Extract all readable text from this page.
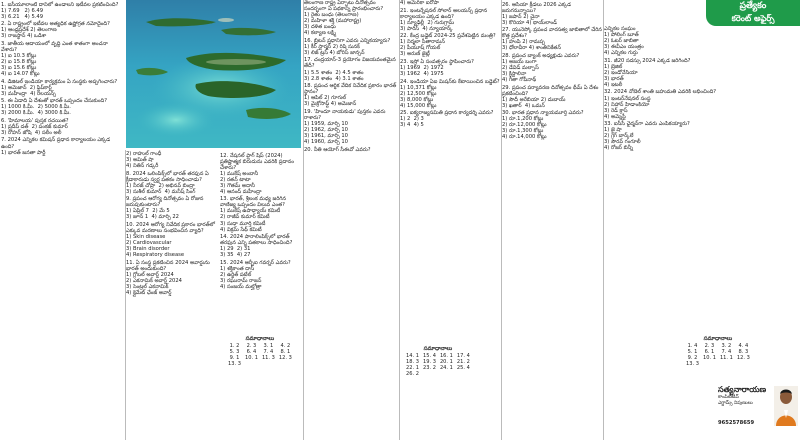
1. ఐసీయూలాంటి దానిలో ఉండాలని ఇటీవల ప్రకటించింది?

1) 7.69   2) 6.49

3) 6.21   4) 5.49

2. ఏ రాష్ట్రంలో ఇటీవల అత్యధిక ఉష్ణోగ్రత నమోదైంది?

1) ఆంధ్రప్రదేశ్ 2) తెలంగాణ

3) రాజస్థాన్ 4) ఒడిశా

3. జాతీయ ఆదాయంలో వృద్ధి ఎంత శాతంగా అంచనా వేశారు?

1) ఐ 10.3 కోట్లు

2) ఐ 15.8 కోట్లు

3) ఐ 15.6 కోట్లు

4) ఐ 14.07 కోట్లు

4. డిజిటల్ ఇండియా కార్యక్రమం ఏ సంస్థకు అప్పగించారు?

1) అమెజాన్  2) ఫ్లిప్‌కార్ట్

3) మహీంద్రా  4) రిలయన్స్

5. ఈ ఏడాది ఏ దేశంతో భారత్ ఒప్పందం చేసుకుంది?

1) 1000 కి.మీ.  2) 5000 కి.మీ.

3) 2000 కి.మీ.  4) 3000 కి.మీ.

6. 'హిమాలయ' పుస్తక రచయిత?

1) ప్రదీప్ దత్  2) పంకజ్ కుమార్

3) రోహన్ జోషి  4) సలీం అలీ

7. 2024 ఎన్నికల కమిషన్ ప్రధాన కార్యాలయం ఎక్కడ ఉంది?

1) భారత్ జనతా పార్టీ	2) రాహుల్ గాంధీ

3) అమిత్ షా

4) నితిన్ గడ్కరీ

8. 2024 ఒలింపిక్స్‌లో భారత్ తరఫున ఏ క్రీడాకారుడు స్వర్ణ పతకం సాధించాడు?

1) నీరజ్ చోప్రా  2) అభినవ్ బింద్రా

3) సుశీల్ కుమార్  4) మనీష్ సింగ్

9. ప్రపంచ ఆరోగ్య దినోత్సవం ఏ రోజున జరుపుకుంటారు?

1) ఏప్రిల్ 7  2) మే 5

3) జూన్ 1  4) మార్చి 22

10. 2024 ఆరోగ్య నివేదిక ప్రకారం భారత్‌లో ఎక్కువ మరణాలు సంభవించిన వ్యాధి?

1) Skin disease

2) Cardiovascular

3) Brain disorder

4) Respiratory disease

11. ఏ సంస్థ ప్రకటించిన 2024 అవార్డును భారత్‌ అందుకుంది?

1) గ్లోబల్ అవార్డ్ 2024

2) ఎకనామిక్ అవార్డ్ 2024

3) సెంట్రల్ ఎకనామిక్

4) క్లైమేట్ ఛేంజ్ అవార్డ్

12. నేషనల్ ఫ్లాగ్ షిప్ (2024) ప్రతిష్టాత్మక బిరుదును ఎవరికి ప్రదానం చేశారు?

1) ముకేష్ అంబానీ

2) రతన్ టాటా

3) గౌతమ్ అదానీ

4) ఆనంద్ మహీంద్రా

13. భారత్, శ్రీలంక మధ్య జరిగిన వాణిజ్య ఒప్పందం విలువ ఎంత?

1) ముకేష్ ఉపాధ్యాయ్ కమిటీ

2) రాజీవ్ కుమార్ కమిటీ

3) సుధా మూర్తి కమిటీ

4) విక్రమ్ సేథ్ కమిటీ

14. 2024 పారాలింపిక్స్‌లో భారత్ తరఫున ఎన్ని పతకాలు సాధించింది?

1) 29  2) 31

3) 35  4) 27

15. 2024 ఆర్బీఐ గవర్నర్ ఎవరు?

1) శక్తికాంత దాస్

2) ఉర్జిత్ పటేల్

3) రఘురామ్ రాజన్

4) సంజయ్ మల్హోత్రా

తెలంగాణ రాష్ట్ర ఏర్పాటు దినోత్సవం సందర్భంగా ఏ పథకాన్ని ప్రారంభించారు?

1) రైతు బంధు (తెలంగాణ)

2) మహిళా శక్తి (మహారాష్ట్ర)

3) దళిత బంధు

4) కల్యాణ లక్ష్మి

16. బ్రిటన్‌ ప్రధానిగా ఎవరు ఎన్నికయ్యారు?

1) కీర్ స్టార్మర్ 2) రిషి సునక్

3) లిజ్ ట్రస్ 4) బోరిస్ జాన్సన్

17. చంద్రయాన్-3 ప్రయోగం విజయవంతమైన తేదీ?

1) 5.5 శాతం  2) 4.5 శాతం

3) 2.8 శాతం  4) 3.1 శాతం

18. ప్రపంచ ఆర్థిక వేదిక నివేదిక ప్రకారం భారత్ స్థానం?

1) ఆపిల్ 2) గూగుల్

3) మైక్రోసాఫ్ట్ 4) అమెజాన్

19. 'హిందూ నాయకుడు' పుస్తకం ఎవరు రాశారు?

1) 1959, మార్చి 10

2) 1962, మార్చి 10

3) 1961, మార్చి 10

4) 1960, మార్చి 10

20. నీతి ఆయోగ్ సీఈవో ఎవరు?

4) అమెరికా ఐరోపా

21. ఇంటర్నేషనల్ సోలార్ అలయన్స్ ప్రధాన కార్యాలయం ఎక్కడ ఉంది?

1) న్యూఢిల్లీ  2) గురుగ్రామ్

3) పారిస్  4) న్యూయార్క్

22. కేంద్ర బడ్జెట్ 2024-25 ప్రవేశపెట్టిన మంత్రి?

1) నిర్మలా సీతారామన్

2) పీయూష్ గోయల్

3) అరుణ్ జైట్లీ

23. ఇస్రో ఏ సంవత్సరం స్థాపించారు?

1) 1969  2) 1972

3) 1962  4) 1975

24. ఇండియా ఏఐ మిషన్‌కు కేటాయించిన బడ్జెట్?

1) 10,371 కోట్లు

2) 12,500 కోట్లు

3) 8,000 కోట్లు

4) 15,000 కోట్లు

25. ఐక్యరాజ్యసమితి ప్రధాన కార్యదర్శి ఎవరు?

1) 2  2) 3

3) 4  4) 5

26. ఆసియా క్రీడలు 2026 ఎక్కడ జరుగనున్నాయి?

1) జపాన్ 2) చైనా

3) కొరియా 4) థాయ్‌లాండ్

27. యునెస్కో ప్రపంచ వారసత్వ జాబితాలో చేరిన కొత్త ప్రదేశం?

1) హంపి 2) రామప్ప

3) ధోలావీరా 4) శాంతినికేతన్

28. ప్రపంచ బ్యాంక్ అధ్యక్షుడు ఎవరు?

1) అజయ్ బంగా

2) డేవిడ్ మల్పాస్

3) క్రిస్టాలినా

4) గీతా గోపీనాథ్

29. ప్రపంచ పర్యావరణ దినోత్సవం థీమ్ ఏ దేశం ప్రకటించింది?

1) సౌదీ అరేబియా 2) దుబాయ్

3) ఖతార్  4) ఒమన్

30. భారత ప్రధాన న్యాయమూర్తి ఎవరు?

1) రూ.1,200 కోట్లు

2) రూ.12,000 కోట్లు

3) రూ.1,300 కోట్లు

4) రూ.14,000 కోట్లు

ఎన్నికల సంఘం

1) పోలింగ్ బూత్

2) ఓటర్ జాబితా

3) ఈవీఎం యంత్రం

4) ఎన్నికల గుర్తు

31. జీ20 సదస్సు 2024 ఎక్కడ జరిగింది?

1) బ్రెజిల్

2) ఇండోనేసియా

3) భారత్

4) ఇటలీ

32. 2024 నోబెల్ శాంతి బహుమతి ఎవరికి లభించింది?

1) ఇంటర్‌నేషనల్ సంస్థ

2) నిహాన్ హిడాంకియో

3) రెడ్ క్రాస్

4) అమ్నెస్టీ

33. ఐసీసీ ఛైర్మన్‌గా ఎవరు ఎంపికయ్యారు?

1) జై షా

2) గ్రెగ్ బార్క్‌లే

3) సౌరవ్ గంగూలీ

4) రోజర్ బిన్నీ

ప్రత్యేకం
కరెంట్ అఫైర్స్
సమాధానాలు			
1. 2	2. 3	3. 1	4. 2
5. 3	6. 4	7. 4	8. 1
9. 1	10. 1	11. 3	12. 3
13. 3			
సమాధానాలు			
14. 1	15. 4	16. 1	17. 4
18. 3	19. 3	20. 1	21. 2
22. 1	23. 2	24. 1	25. 4
26. 2			
సమాధానాలు			
1. 4	2. 3	3. 2	4. 4
5. 1	6. 1	7. 4	8. 3
9. 2	10. 1	11. 1	12. 3
13. 3			
సత్యనారాయణ
కాంపిటీటివ్
ఎగ్జామ్స్ నిపుణులు
9652578659
